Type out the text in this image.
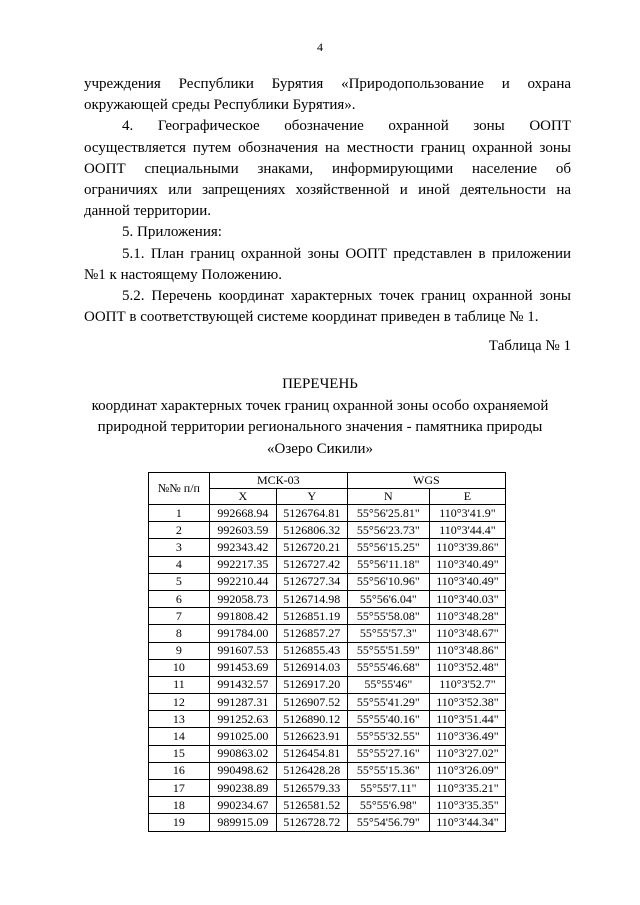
4

учреждения Республики Бурятия «Природопользование и охрана окружающей среды Республики Бурятия».

4. Географическое обозначение охранной зоны ООПТ осуществляется путем обозначения на местности границ охранной зоны ООПТ специальными знаками, информирующими население об ограничиях или запрещениях хозяйственной и иной деятельности на данной территории.

5. Приложения:

5.1. План границ охранной зоны ООПТ представлен в приложении №1 к настоящему Положению.

5.2. Перечень координат характерных точек границ охранной зоны ООПТ в соответствующей системе координат приведен в таблице № 1.

Таблица № 1
ПЕРЕЧЕНЬ
координат характерных точек границ охранной зоны особо охраняемой
природной территории регионального значения - памятника природы
«Озеро Сикили»
№№ п/п	МСК-03		WGS	
	X	Y	N	E
1	992668.94	5126764.81	55°56'25.81"	110°3'41.9"
2	992603.59	5126806.32	55°56'23.73"	110°3'44.4"
3	992343.42	5126720.21	55°56'15.25"	110°3'39.86"
4	992217.35	5126727.42	55°56'11.18"	110°3'40.49"
5	992210.44	5126727.34	55°56'10.96"	110°3'40.49"
6	992058.73	5126714.98	55°56'6.04"	110°3'40.03"
7	991808.42	5126851.19	55°55'58.08"	110°3'48.28"
8	991784.00	5126857.27	55°55'57.3"	110°3'48.67"
9	991607.53	5126855.43	55°55'51.59"	110°3'48.86"
10	991453.69	5126914.03	55°55'46.68"	110°3'52.48"
11	991432.57	5126917.20	55°55'46"	110°3'52.7"
12	991287.31	5126907.52	55°55'41.29"	110°3'52.38"
13	991252.63	5126890.12	55°55'40.16"	110°3'51.44"
14	991025.00	5126623.91	55°55'32.55"	110°3'36.49"
15	990863.02	5126454.81	55°55'27.16"	110°3'27.02"
16	990498.62	5126428.28	55°55'15.36"	110°3'26.09"
17	990238.89	5126579.33	55°55'7.11"	110°3'35.21"
18	990234.67	5126581.52	55°55'6.98"	110°3'35.35"
19	989915.09	5126728.72	55°54'56.79"	110°3'44.34"
